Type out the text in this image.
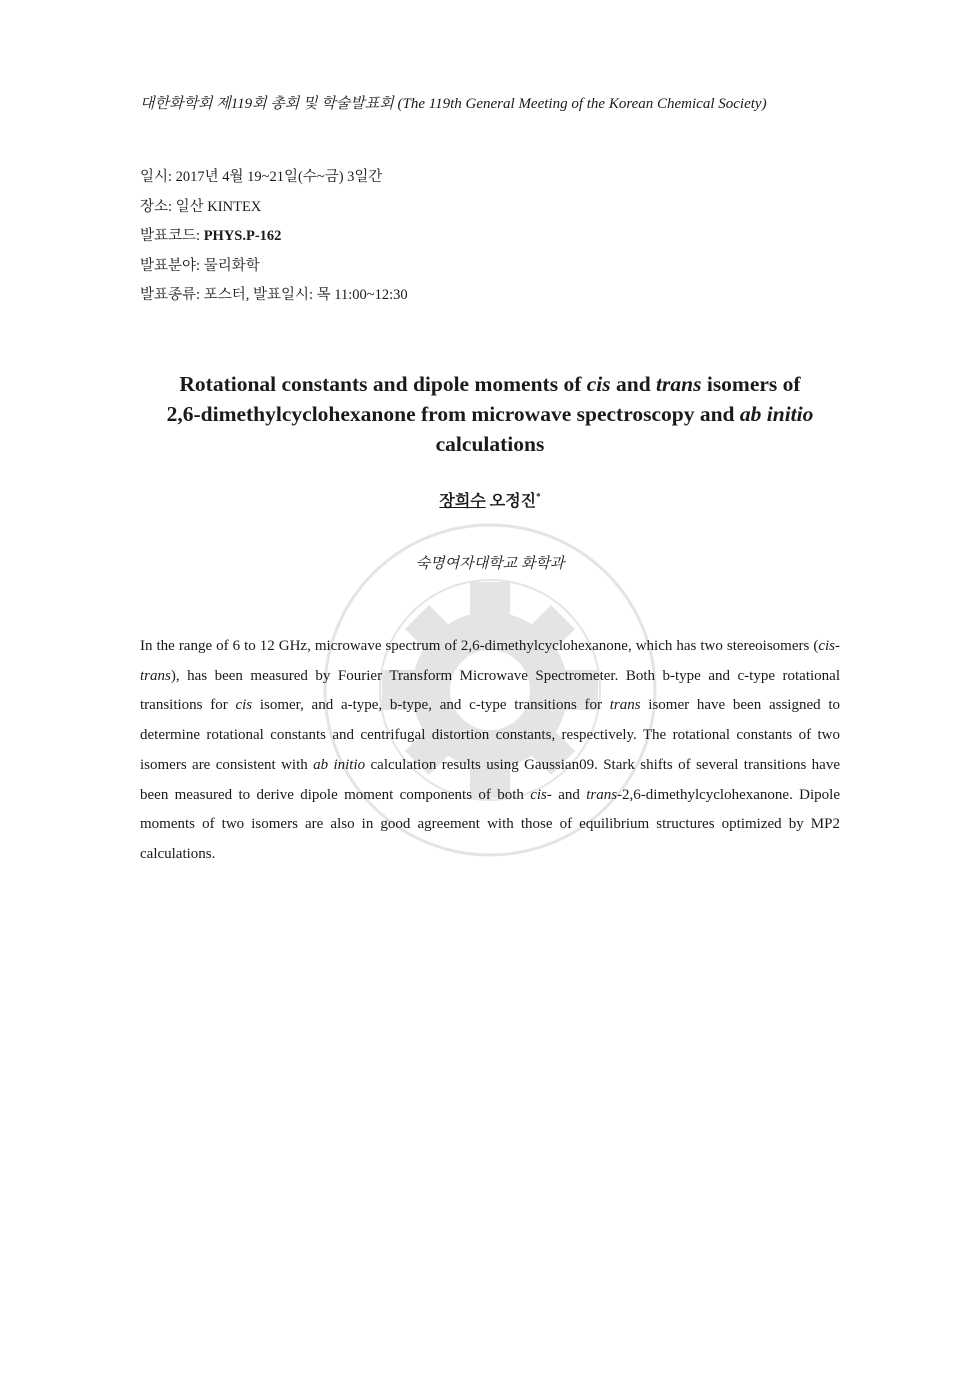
대한화학회 제119회 총회 및 학술발표회 (The 119th General Meeting of the Korean Chemical Society)
일시: 2017년 4월 19~21일(수~금) 3일간
장소: 일산 KINTEX
발표코드: PHYS.P-162
발표분야: 물리화학
발표종류: 포스터, 발표일시: 목 11:00~12:30
Rotational constants and dipole moments of cis and trans isomers of
2,6-dimethylcyclohexanone from microwave spectroscopy and ab initio
calculations
장희수 오정진*
숙명여자대학교 화학과
In the range of 6 to 12 GHz, microwave spectrum of 2,6-dimethylcyclohexanone, which has two stereoisomers (cis-trans), has been measured by Fourier Transform Microwave Spectrometer. Both b-type and c-type rotational transitions for cis isomer, and a-type, b-type, and c-type transitions for trans isomer have been assigned to determine rotational constants and centrifugal distortion constants, respectively. The rotational constants of two isomers are consistent with ab initio calculation results using Gaussian09. Stark shifts of several transitions have been measured to derive dipole moment components of both cis- and trans-2,6-dimethylcyclohexanone. Dipole moments of two isomers are also in good agreement with those of equilibrium structures optimized by MP2 calculations.
